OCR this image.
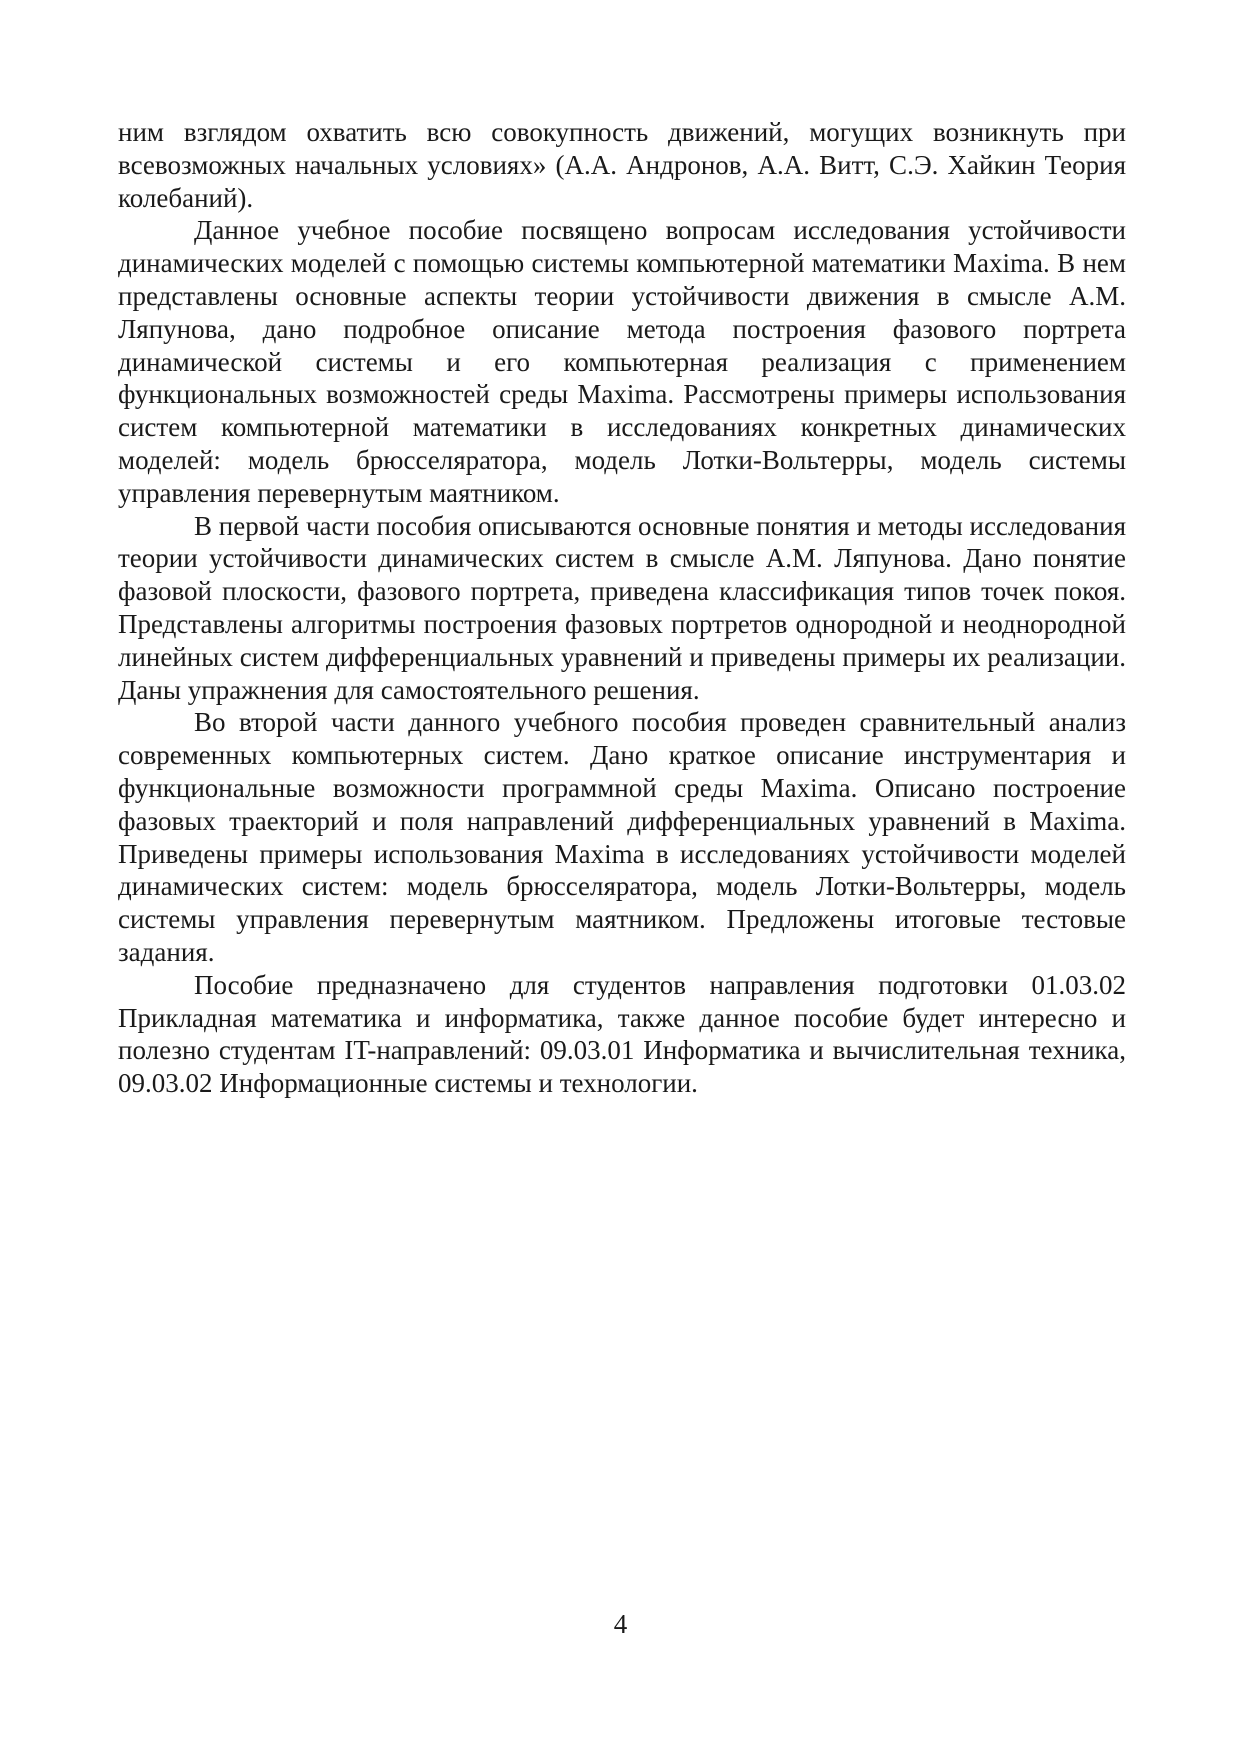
ним взглядом охватить всю совокупность движений, могущих возникнуть при всевозможных начальных условиях» (А.А. Андронов, А.А. Витт, С.Э. Хайкин Теория колебаний).

Данное учебное пособие посвящено вопросам исследования устойчивости динамических моделей с помощью системы компьютерной математики Maxima. В нем представлены основные аспекты теории устойчивости движения в смысле А.М. Ляпунова, дано подробное описание метода построения фазового портрета динамической системы и его компьютерная реализация с применением функциональных возможностей среды Maxima. Рассмотрены примеры использования систем компьютерной математики в исследованиях конкретных динамических моделей: модель брюсселяратора, модель Лотки-Вольтерры, модель системы управления перевернутым маятником.

В первой части пособия описываются основные понятия и методы исследования теории устойчивости динамических систем в смысле А.М. Ляпунова. Дано понятие фазовой плоскости, фазового портрета, приведена классификация типов точек покоя. Представлены алгоритмы построения фазовых портретов однородной и неоднородной линейных систем дифференциальных уравнений и приведены примеры их реализации. Даны упражнения для самостоятельного решения.

Во второй части данного учебного пособия проведен сравнительный анализ современных компьютерных систем. Дано краткое описание инструментария и функциональные возможности программной среды Maxima. Описано построение фазовых траекторий и поля направлений дифференциальных уравнений в Maxima. Приведены примеры использования Maxima в исследованиях устойчивости моделей динамических систем: модель брюсселяратора, модель Лотки-Вольтерры, модель системы управления перевернутым маятником. Предложены итоговые тестовые задания.

Пособие предназначено для студентов направления подготовки 01.03.02 Прикладная математика и информатика, также данное пособие будет интересно и полезно студентам IT-направлений: 09.03.01 Информатика и вычислительная техника, 09.03.02 Информационные системы и технологии.

4
